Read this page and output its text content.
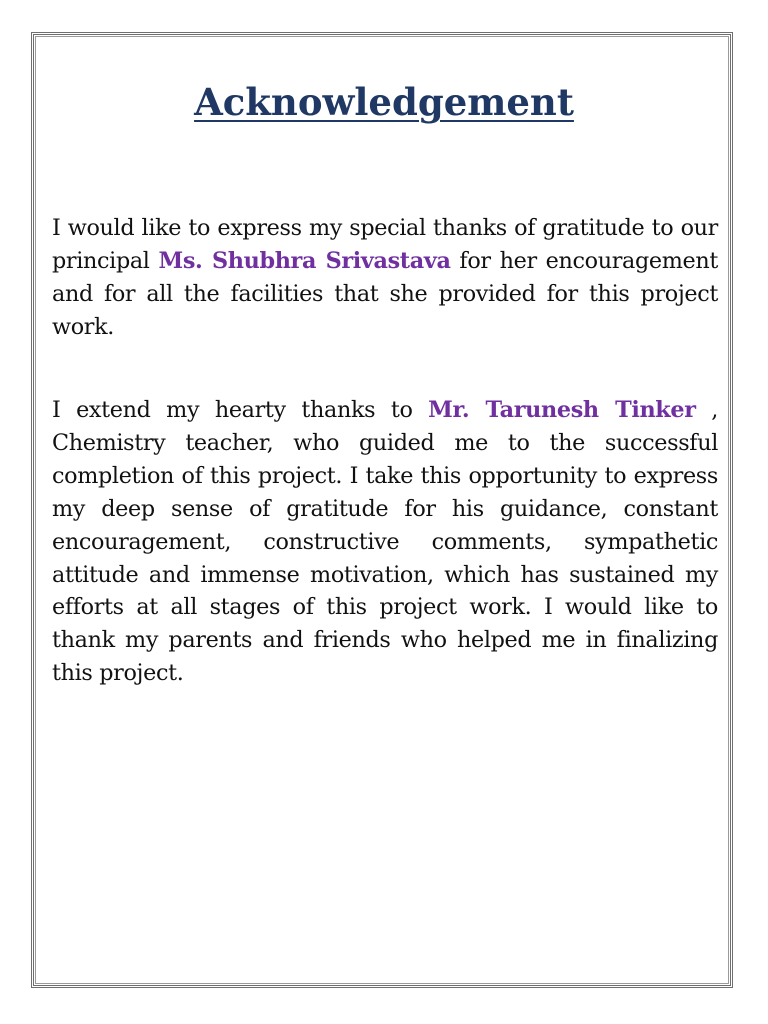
Acknowledgement

I would like to express my special thanks of gratitude to our principal Ms. Shubhra Srivastava for her encouragement and for all the facilities that she provided for this project work.

I extend my hearty thanks to Mr. Tarunesh Tinker , Chemistry teacher, who guided me to the successful completion of this project. I take this opportunity to express my deep sense of gratitude for his guidance, constant encouragement, constructive comments, sympathetic attitude and immense motivation, which has sustained my efforts at all stages of this project work. I would like to thank my parents and friends who helped me in finalizing this project.
